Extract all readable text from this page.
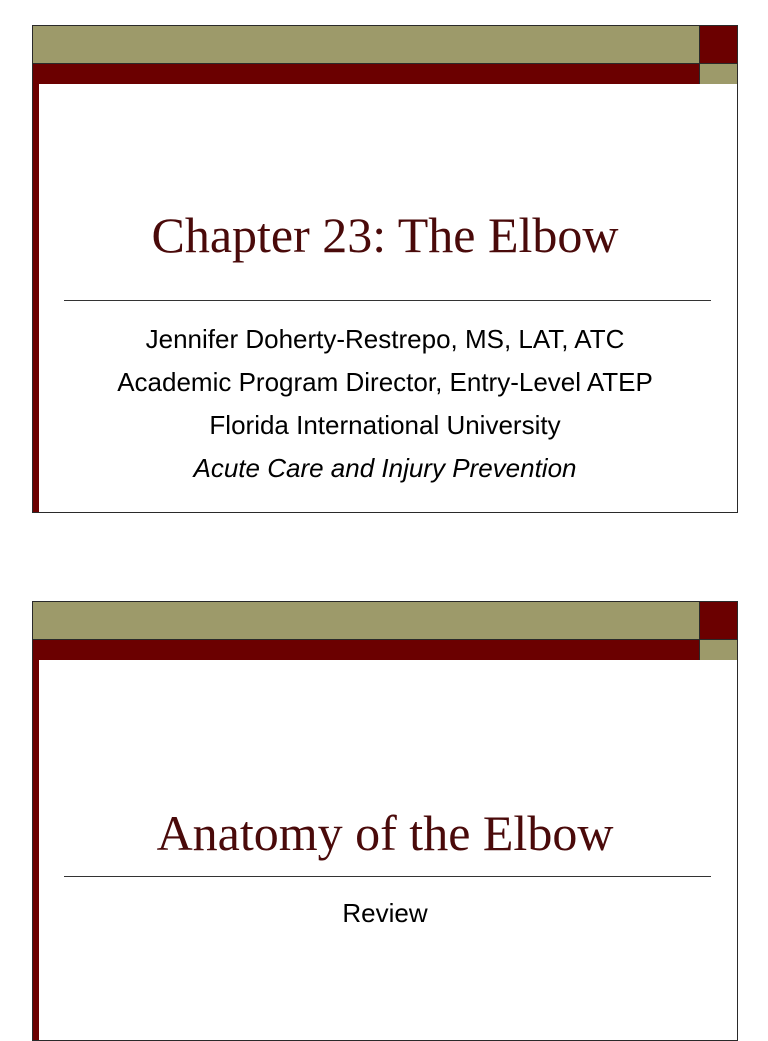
Chapter 23: The Elbow
Jennifer Doherty-Restrepo, MS, LAT, ATC
Academic Program Director, Entry-Level ATEP
Florida International University
Acute Care and Injury Prevention
Anatomy of the Elbow
Review
